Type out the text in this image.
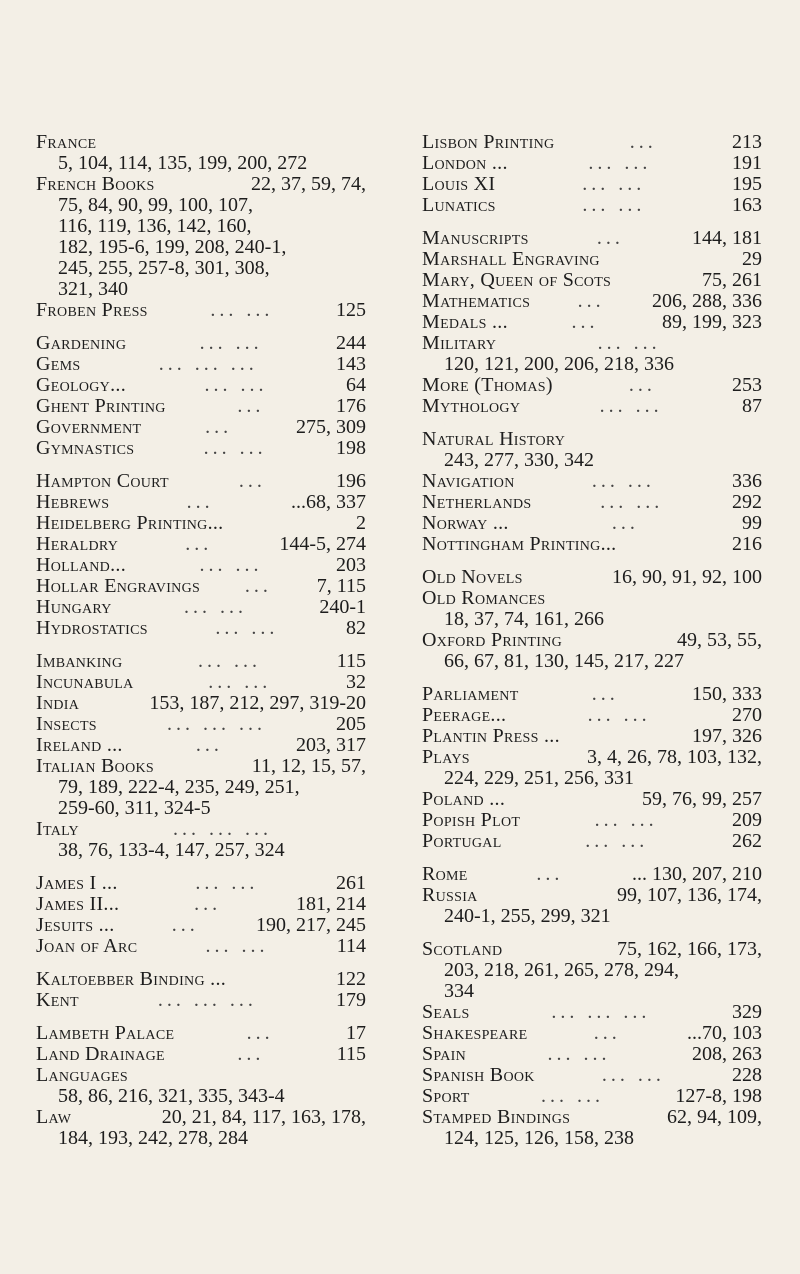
France
5, 104, 114, 135, 199, 200, 272
French Books	22, 37, 59, 74,
75, 84, 90, 99, 100, 107,
116, 119, 136, 142, 160,
182, 195-6, 199, 208, 240-1,
245, 255, 257-8, 301, 308,
321, 340
Froben Press	... ...	125
Gardening	... ...	244
Gems	... ... ...	143
Geology...	... ...	64
Ghent Printing	...	176
Government	...	275, 309
Gymnastics	... ...	198
Hampton Court	...	196
Hebrews	...	...68, 337
Heidelberg Printing...	2
Heraldry	...	144-5, 274
Holland...	... ...	203
Hollar Engravings	...	7, 115
Hungary	... ...	240-1
Hydrostatics	... ...	82
Imbanking	... ...	115
Incunabula	... ...	32
India	153, 187, 212, 297, 319-20
Insects	... ... ...	205
Ireland ...	...	203, 317
Italian Books	11, 12, 15, 57,
79, 189, 222-4, 235, 249, 251,
259-60, 311, 324-5
Italy	... ... ...
38, 76, 133-4, 147, 257, 324
James I ...	... ...	261
James II...	...	181, 214
Jesuits ...	...	190, 217, 245
Joan of Arc	... ...	114
Kaltoebber Binding ...	122
Kent	... ... ...	179
Lambeth Palace	...	17
Land Drainage	...	115
Languages
58, 86, 216, 321, 335, 343-4
Law	20, 21, 84, 117, 163, 178,
184, 193, 242, 278, 284
Lisbon Printing	...	213
London ...	... ...	191
Louis XI	... ...	195
Lunatics	... ...	163
Manuscripts	...	144, 181
Marshall Engraving	29
Mary, Queen of Scots	75, 261
Mathematics	...	206, 288, 336
Medals ...	...	89, 199, 323
Military	... ...
120, 121, 200, 206, 218, 336
More (Thomas)	...	253
Mythology	... ...	87
Natural History
243, 277, 330, 342
Navigation	... ...	336
Netherlands	... ...	292
Norway ...	...	99
Nottingham Printing...	216
Old Novels	16, 90, 91, 92, 100
Old Romances
18, 37, 74, 161, 266
Oxford Printing	49, 53, 55,
66, 67, 81, 130, 145, 217, 227
Parliament	...	150, 333
Peerage...	... ...	270
Plantin Press ...	197, 326
Plays	3, 4, 26, 78, 103, 132,
224, 229, 251, 256, 331
Poland ...	59, 76, 99, 257
Popish Plot	... ...	209
Portugal	... ...	262
Rome	...	... 130, 207, 210
Russia	99, 107, 136, 174,
240-1, 255, 299, 321
Scotland	75, 162, 166, 173,
203, 218, 261, 265, 278, 294,
334
Seals	... ... ...	329
Shakespeare	...	...70, 103
Spain	... ...	208, 263
Spanish Book	... ...	228
Sport	... ...	127-8, 198
Stamped Bindings	62, 94, 109,
124, 125, 126, 158, 238
